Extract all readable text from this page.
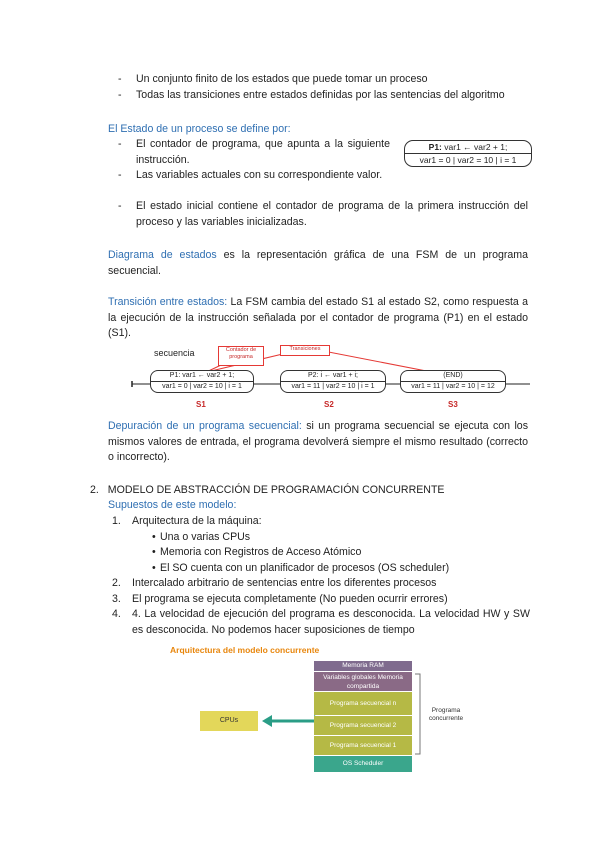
- Un conjunto finito de los estados que puede tomar un proceso
- Todas las transiciones entre estados definidas por las sentencias del algoritmo
El Estado de un proceso se define por:
- El contador de programa, que apunta a la siguiente instrucción.
- Las variables actuales con su correspondiente valor.
- El estado inicial contiene el contador de programa de la primera instrucción del proceso y las variables inicializadas.
P1: var1 ← var2 + 1;
var1 = 0 | var2 = 10 | i = 1
Diagrama de estados es la representación gráfica de una FSM de un programa secuencial.
Transición entre estados: La FSM cambia del estado S1 al estado S2, como respuesta a la ejecución de la instrucción señalada por el contador de programa (P1) en el estado (S1).
secuencia	Contador de programa
Transiciones
P1: var1 ← var2 + 1;
var1 = 0 | var2 = 10 | i = 1
P2: i ← var1 + i;
var1 = 11 | var2 = 10 | i = 1
(END)
var1 = 11 | var2 = 10 | = 12
S1	S2	S3
Depuración de un programa secuencial: si un programa secuencial se ejecuta con los mismos valores de entrada, el programa devolverá siempre el mismo resultado (correcto o incorrecto).
2. MODELO DE ABSTRACCIÓN DE PROGRAMACIÓN CONCURRENTE
Supuestos de este modelo:
1. Arquitectura de la máquina:
• Una o varias CPUs
• Memoria con Registros de Acceso Atómico
• El SO cuenta con un planificador de procesos (OS scheduler)
2. Intercalado arbitrario de sentencias entre los diferentes procesos
3. El programa se ejecuta completamente (No pueden ocurrir errores)
4. 4. La velocidad de ejecución del programa es desconocida. La velocidad HW y SW es desconocida. No podemos hacer suposiciones de tiempo
Arquitectura del modelo concurrente
CPUs
Memoria RAM
Variables globales Memoria compartida
Programa secuencial n
Programa secuencial 2
Programa secuencial 1
OS Scheduler
Programa concurrente
